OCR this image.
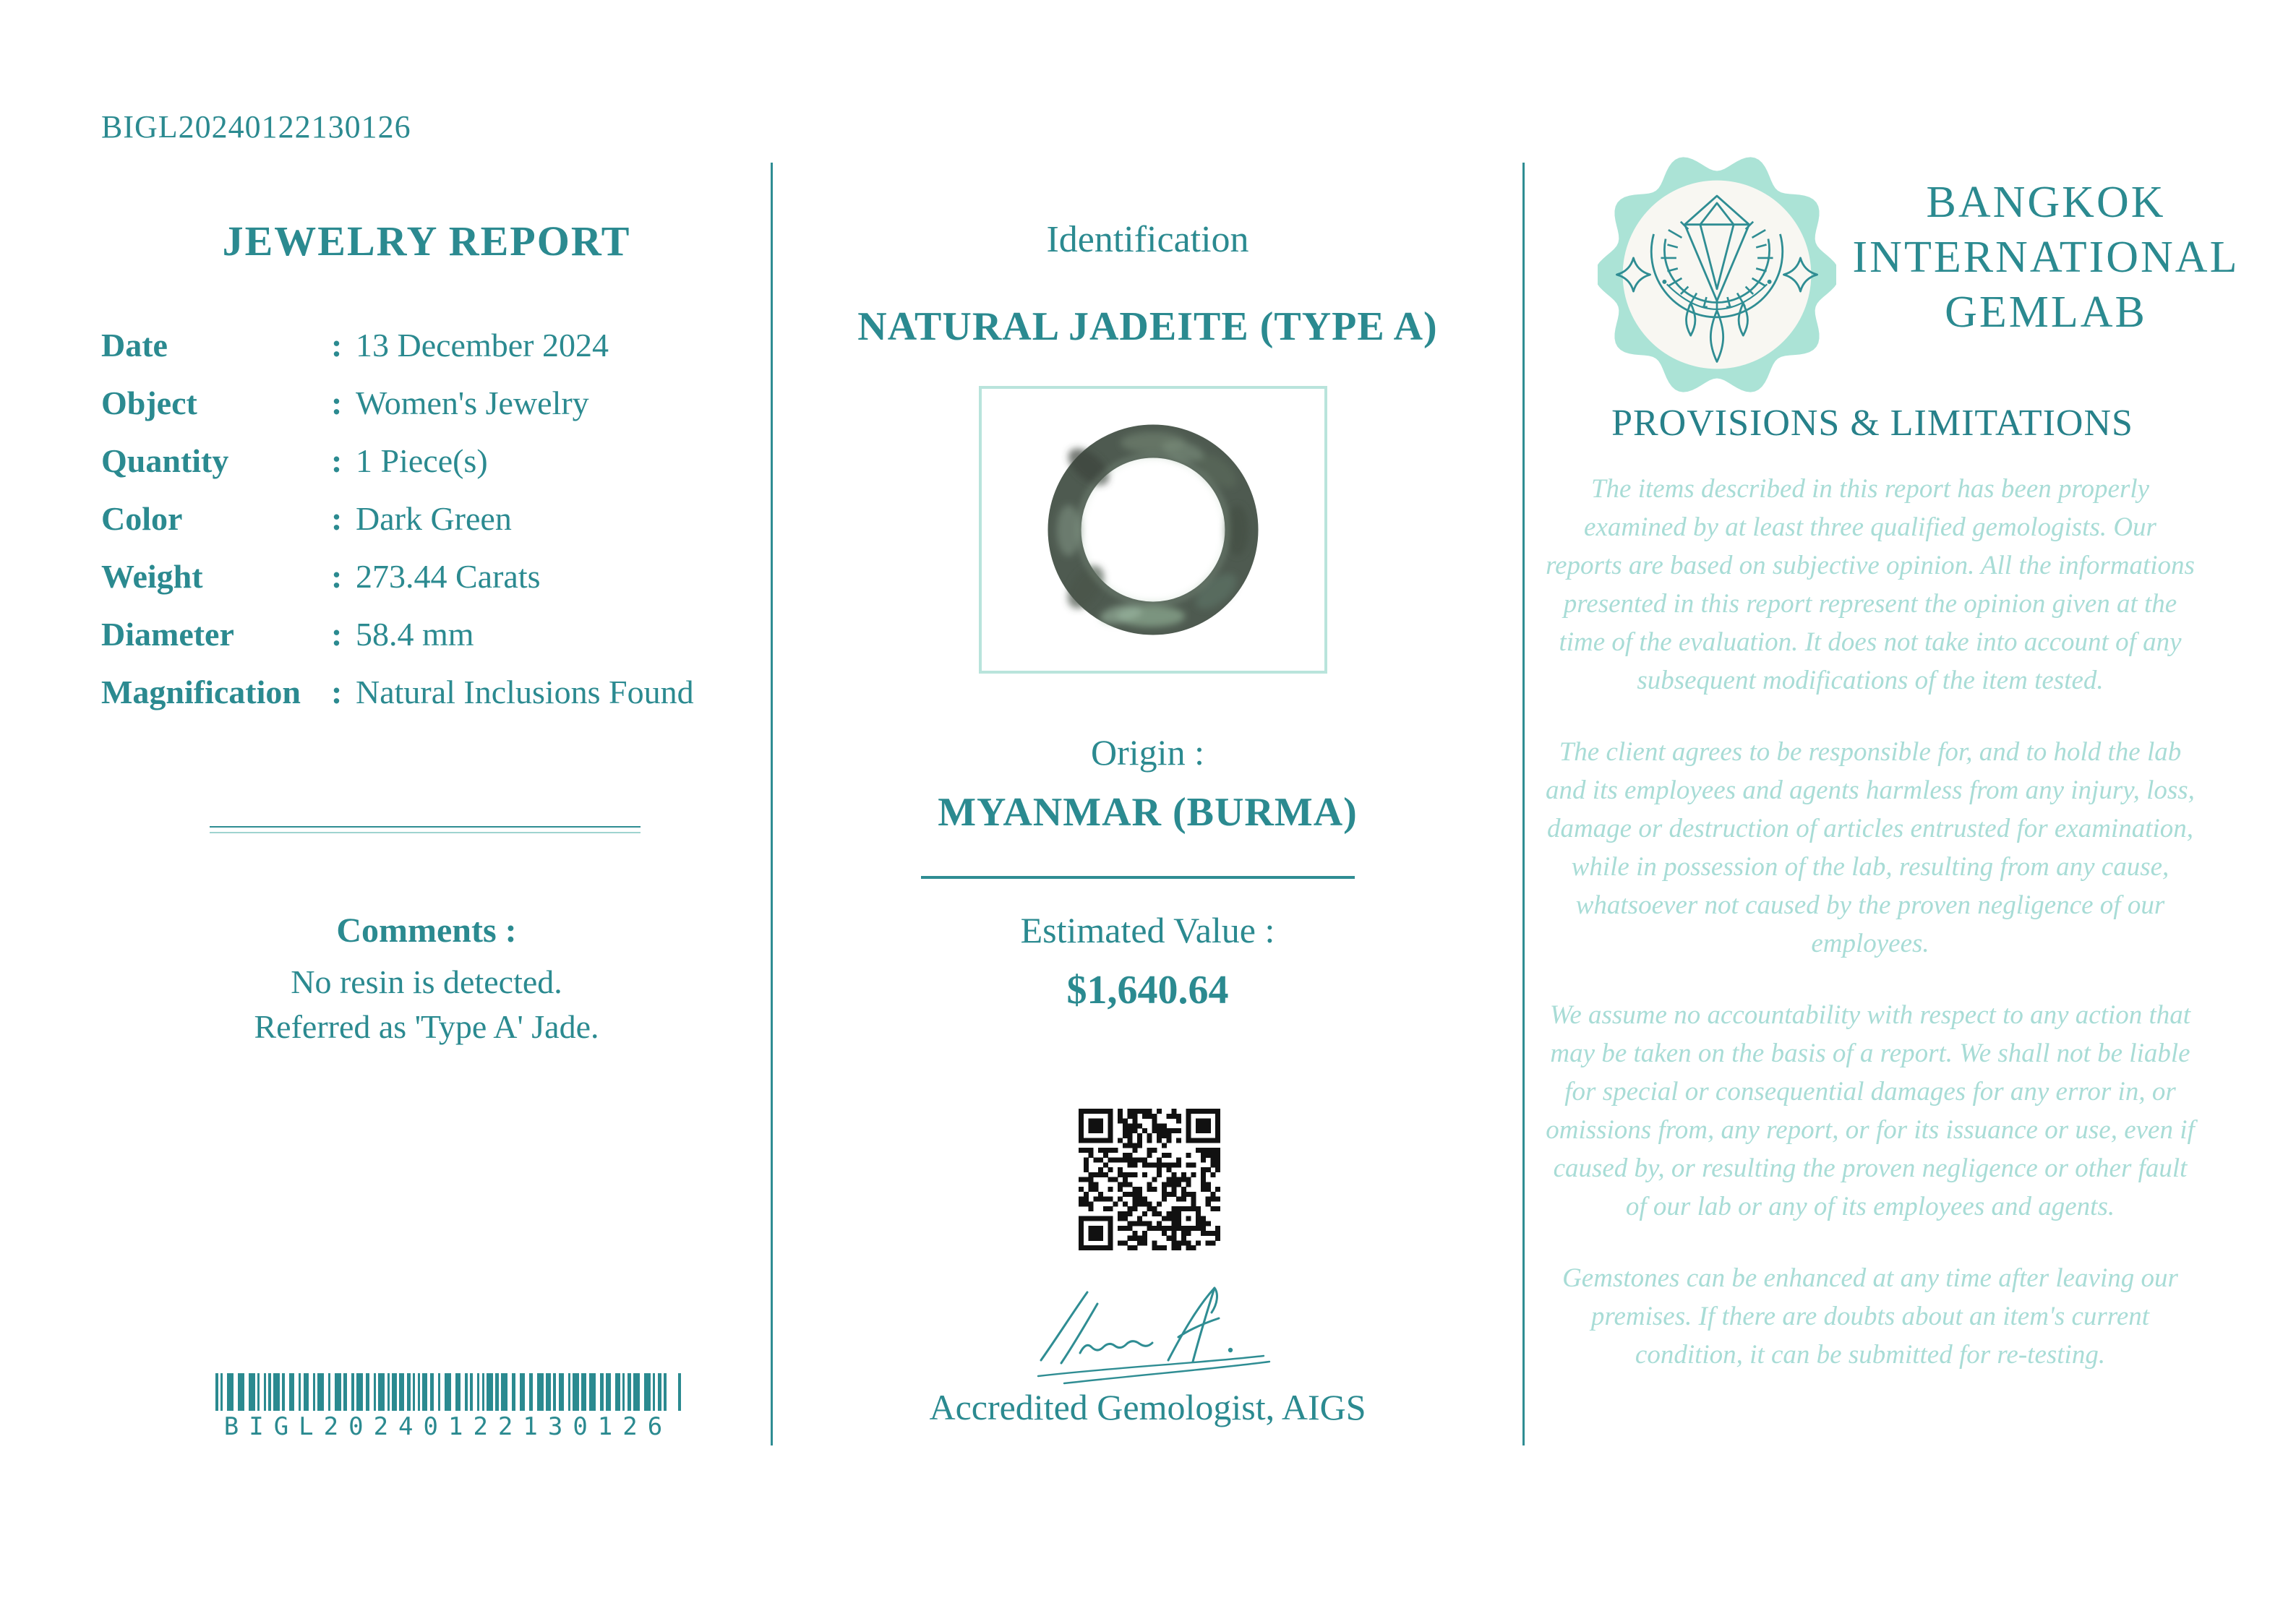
BIGL20240122130126
JEWELRY REPORT
Date	: 13 December 2024
Object	: Women's Jewelry
Quantity	: 1 Piece(s)
Color	: Dark Green
Weight	: 273.44 Carats
Diameter	: 58.4 mm
Magnification : Natural Inclusions Found
Comments :
No resin is detected.
Referred as 'Type A' Jade.
BIGL20240122130126
Identification
NATURAL JADEITE (TYPE A)
Origin :
MYANMAR (BURMA)
Estimated Value :
$1,640.64
Accredited Gemologist, AIGS
BANGKOK
INTERNATIONAL
GEMLAB
PROVISIONS & LIMITATIONS

The items described in this report has been properly examined by at least three qualified gemologists. Our reports are based on subjective opinion. All the informations presented in this report represent the opinion given at the time of the evaluation. It does not take into account of any subsequent modifications of the item tested.

The client agrees to be responsible for, and to hold the lab and its employees and agents harmless from any injury, loss, damage or destruction of articles entrusted for examination, while in possession of the lab, resulting from any cause, whatsoever not caused by the proven negligence of our employees.

We assume no accountability with respect to any action that may be taken on the basis of a report. We shall not be liable for special or consequential damages for any error in, or omissions from, any report, or for its issuance or use, even if caused by, or resulting the proven negligence or other fault of our lab or any of its employees and agents.

Gemstones can be enhanced at any time after leaving our premises. If there are doubts about an item's current condition, it can be submitted for re-testing.
